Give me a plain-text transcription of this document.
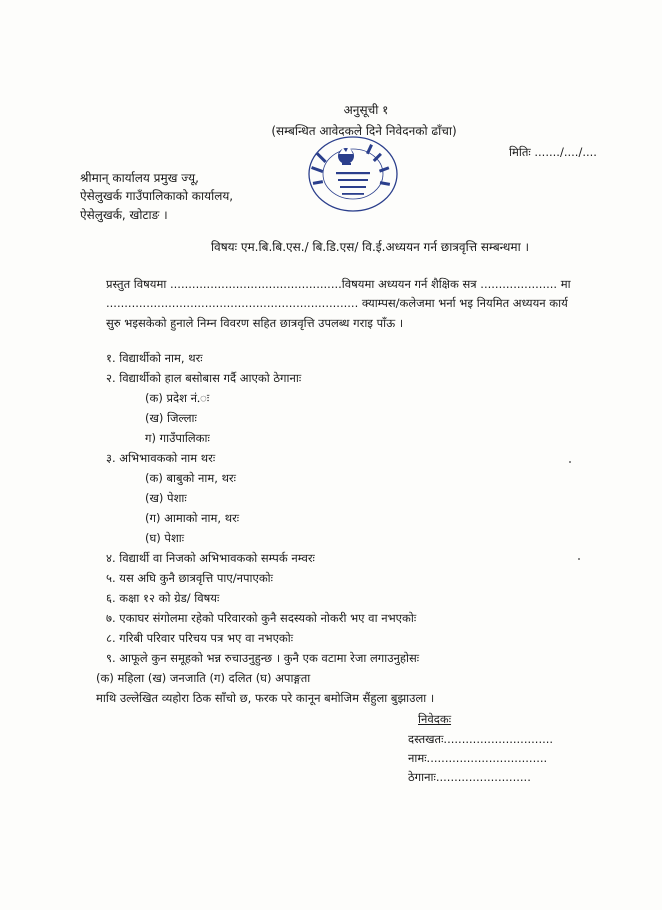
अनुसूची १
(सम्बन्धित आवेदकले दिने निवेदनको ढाँचा)
मितिः ......./..../....
श्रीमान् कार्यालय प्रमुख ज्यू,
ऐसेलुखर्क गाउँपालिकाको कार्यालय,
ऐसेलुखर्क, खोटाङ ।
विषयः एम.बि.बि.एस./ बि.डि.एस/ वि.ई.अध्ययन गर्न छात्रवृत्ति सम्बन्धमा ।
प्रस्तुत विषयमा ...............................................विषयमा अध्ययन गर्न शैक्षिक सत्र ..................... मा
..................................................................... क्याम्पस/कलेजमा भर्ना भइ नियमित अध्ययन कार्य
सुरु भइसकेको हुनाले निम्न विवरण सहित छात्रवृत्ति उपलब्ध गराइ पाँऊ ।
१. विद्यार्थीको नाम, थरः
२. विद्यार्थीको हाल बसोबास गर्दै आएको ठेगानाः
(क) प्रदेश नं.ः
(ख) जिल्लाः
ग) गाउँपालिकाः
३. अभिभावकको नाम थरः
(क) बाबुको नाम, थरः
(ख) पेशाः
(ग) आमाको नाम, थरः
(घ) पेशाः
४. विद्यार्थी वा निजको अभिभावकको सम्पर्क नम्वरः
५. यस अघि कुनै छात्रवृत्ति पाए/नपाएकोः
६. कक्षा १२ को ग्रेड/ विषयः
७. एकाघर संगोलमा रहेको परिवारको कुनै सदस्यको नोकरी भए वा नभएकोः
८. गरिबी परिवार परिचय पत्र भए वा नभएकोः
९. आफूले कुन समूहको भन्न रुचाउनुहुन्छ । कुनै एक वटामा रेजा लगाउनुहोसः
(क) महिला (ख) जनजाति (ग) दलित (घ) अपाङ्गता
माथि उल्लेखित व्यहोरा ठिक साँचो छ, फरक परे कानून बमोजिम सैंहुला बुझाउला ।
निवेदकः
दस्तखतः..............................
नामः.................................
ठेगानाः..........................
